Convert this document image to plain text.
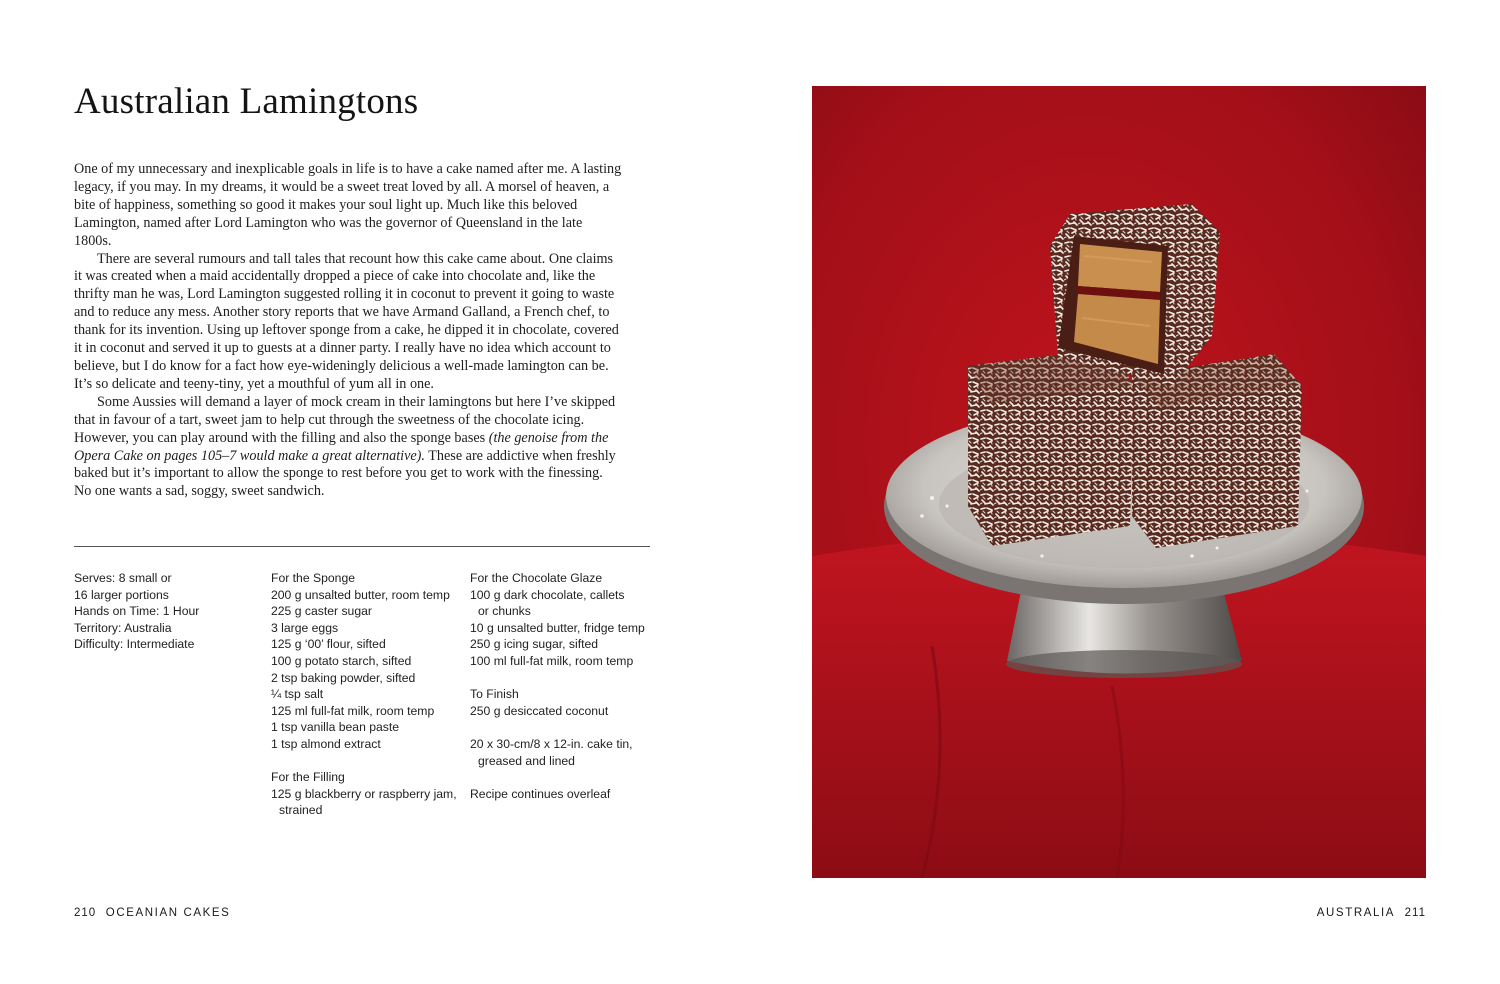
Australian Lamingtons

One of my unnecessary and inexplicable goals in life is to have a cake named after me. A lasting legacy, if you may. In my dreams, it would be a sweet treat loved by all. A morsel of heaven, a bite of happiness, something so good it makes your soul light up. Much like this beloved Lamington, named after Lord Lamington who was the governor of Queensland in the late 1800s.

There are several rumours and tall tales that recount how this cake came about. One claims it was created when a maid accidentally dropped a piece of cake into chocolate and, like the thrifty man he was, Lord Lamington suggested rolling it in coconut to prevent it going to waste and to reduce any mess. Another story reports that we have Armand Galland, a French chef, to thank for its invention. Using up leftover sponge from a cake, he dipped it in chocolate, covered it in coconut and served it up to guests at a dinner party. I really have no idea which account to believe, but I do know for a fact how eye-wideningly delicious a well-made lamington can be. It’s so delicate and teeny-tiny, yet a mouthful of yum all in one.

Some Aussies will demand a layer of mock cream in their lamingtons but here I’ve skipped that in favour of a tart, sweet jam to help cut through the sweetness of the chocolate icing. However, you can play around with the filling and also the sponge bases (the genoise from the Opera Cake on pages 105–7 would make a great alternative). These are addictive when freshly baked but it’s important to allow the sponge to rest before you get to work with the finessing. No one wants a sad, soggy, sweet sandwich.

Serves: 8 small or
16 larger portions
Hands on Time: 1 Hour
Territory: Australia
Difficulty: Intermediate
For the Sponge
200 g unsalted butter, room temp
225 g caster sugar
3 large eggs
125 g ‘00’ flour, sifted
100 g potato starch, sifted
2 tsp baking powder, sifted
¼ tsp salt
125 ml full-fat milk, room temp
1 tsp vanilla bean paste
1 tsp almond extract
For the Filling
125 g blackberry or raspberry jam,
strained
For the Chocolate Glaze
100 g dark chocolate, callets
or chunks
10 g unsalted butter, fridge temp
250 g icing sugar, sifted
100 ml full-fat milk, room temp
To Finish
250 g desiccated coconut
20 x 30-cm/8 x 12-in. cake tin,
greased and lined
Recipe continues overleaf
210 OCEANIAN CAKES	AUSTRALIA 211
